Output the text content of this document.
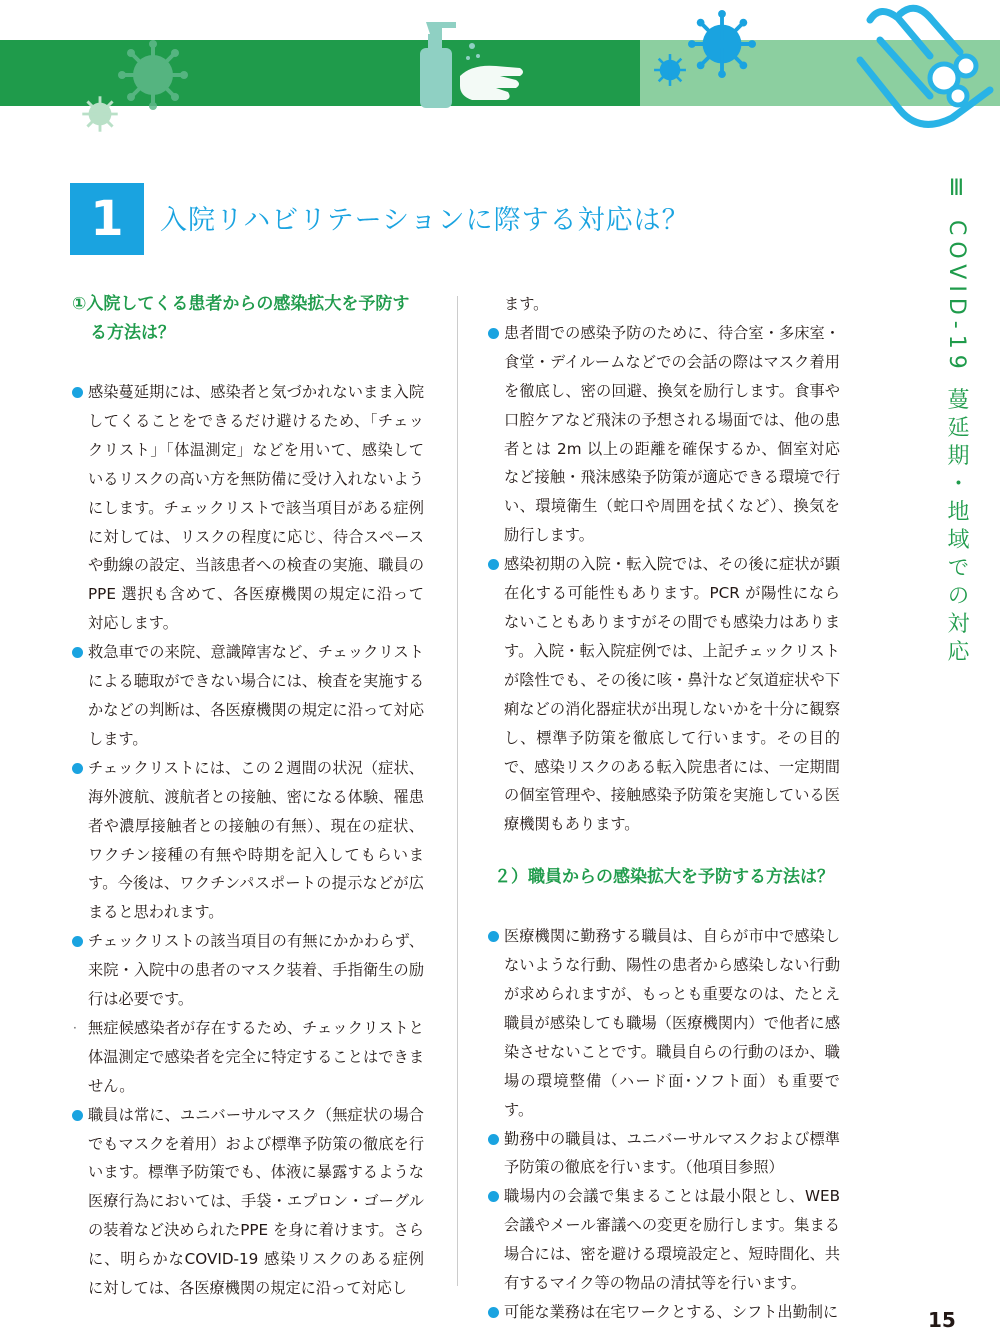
1	入院リハビリテーションに際する対応は？	Ⅲ COVID-19 蔓延期・地域での対応
①入院してくる患者からの感染拡大を予防する方法は？
感染蔓延期には、感染者と気づかれないまま入院してくることをできるだけ避けるため、「チェックリスト」「体温測定」などを用いて、感染しているリスクの高い方を無防備に受け入れないようにします。チェックリストで該当項目がある症例に対しては、リスクの程度に応じ、待合スペースや動線の設定、当該患者への検査の実施、職員のPPE 選択も含めて、各医療機関の規定に沿って対応します。
救急車での来院、意識障害など、チェックリストによる聴取ができない場合には、検査を実施するかなどの判断は、各医療機関の規定に沿って対応します。
チェックリストには、この２週間の状況（症状、海外渡航、渡航者との接触、密になる体験、罹患者や濃厚接触者との接触の有無）、現在の症状、ワクチン接種の有無や時期を記入してもらいます。今後は、ワクチンパスポートの提示などが広まると思われます。
チェックリストの該当項目の有無にかかわらず、来院・入院中の患者のマスク装着、手指衛生の励行は必要です。
· 無症候感染者が存在するため、チェックリストと体温測定で感染者を完全に特定することはできません。
職員は常に、ユニバーサルマスク（無症状の場合でもマスクを着用）および標準予防策の徹底を行います。標準予防策でも、体液に暴露するような医療行為においては、手袋・エプロン・ゴーグルの装着など決められたPPE を身に着けます。さらに、明らかなCOVID-19 感染リスクのある症例に対しては、各医療機関の規定に沿って対応し
ます。
患者間での感染予防のために、待合室・多床室・食堂・デイルームなどでの会話の際はマスク着用を徹底し、密の回避、換気を励行します。食事や口腔ケアなど飛沫の予想される場面では、他の患者とは 2m 以上の距離を確保するか、個室対応など接触・飛沫感染予防策が適応できる環境で行い、環境衛生（蛇口や周囲を拭くなど）、換気を励行します。
感染初期の入院・転入院では、その後に症状が顕在化する可能性もあります。PCR が陽性にならないこともありますがその間でも感染力はあります。入院・転入院症例では、上記チェックリストが陰性でも、その後に咳・鼻汁など気道症状や下痢などの消化器症状が出現しないかを十分に観察し、標準予防策を徹底して行います。その目的で、感染リスクのある転入院患者には、一定期間の個室管理や、接触感染予防策を実施している医療機関もあります。
２）職員からの感染拡大を予防する方法は？
医療機関に勤務する職員は、自らが市中で感染しないような行動、陽性の患者から感染しない行動が求められますが、もっとも重要なのは、たとえ職員が感染しても職場（医療機関内）で他者に感染させないことです。職員自らの行動のほか、職場の環境整備（ハード面･ソフト面）も重要です。
勤務中の職員は、ユニバーサルマスクおよび標準予防策の徹底を行います。（他項目参照）
職場内の会議で集まることは最小限とし、WEB会議やメール審議への変更を励行します。集まる場合には、密を避ける環境設定と、短時間化、共有するマイク等の物品の清拭等を行います。
可能な業務は在宅ワークとする、シフト出勤制に	15
